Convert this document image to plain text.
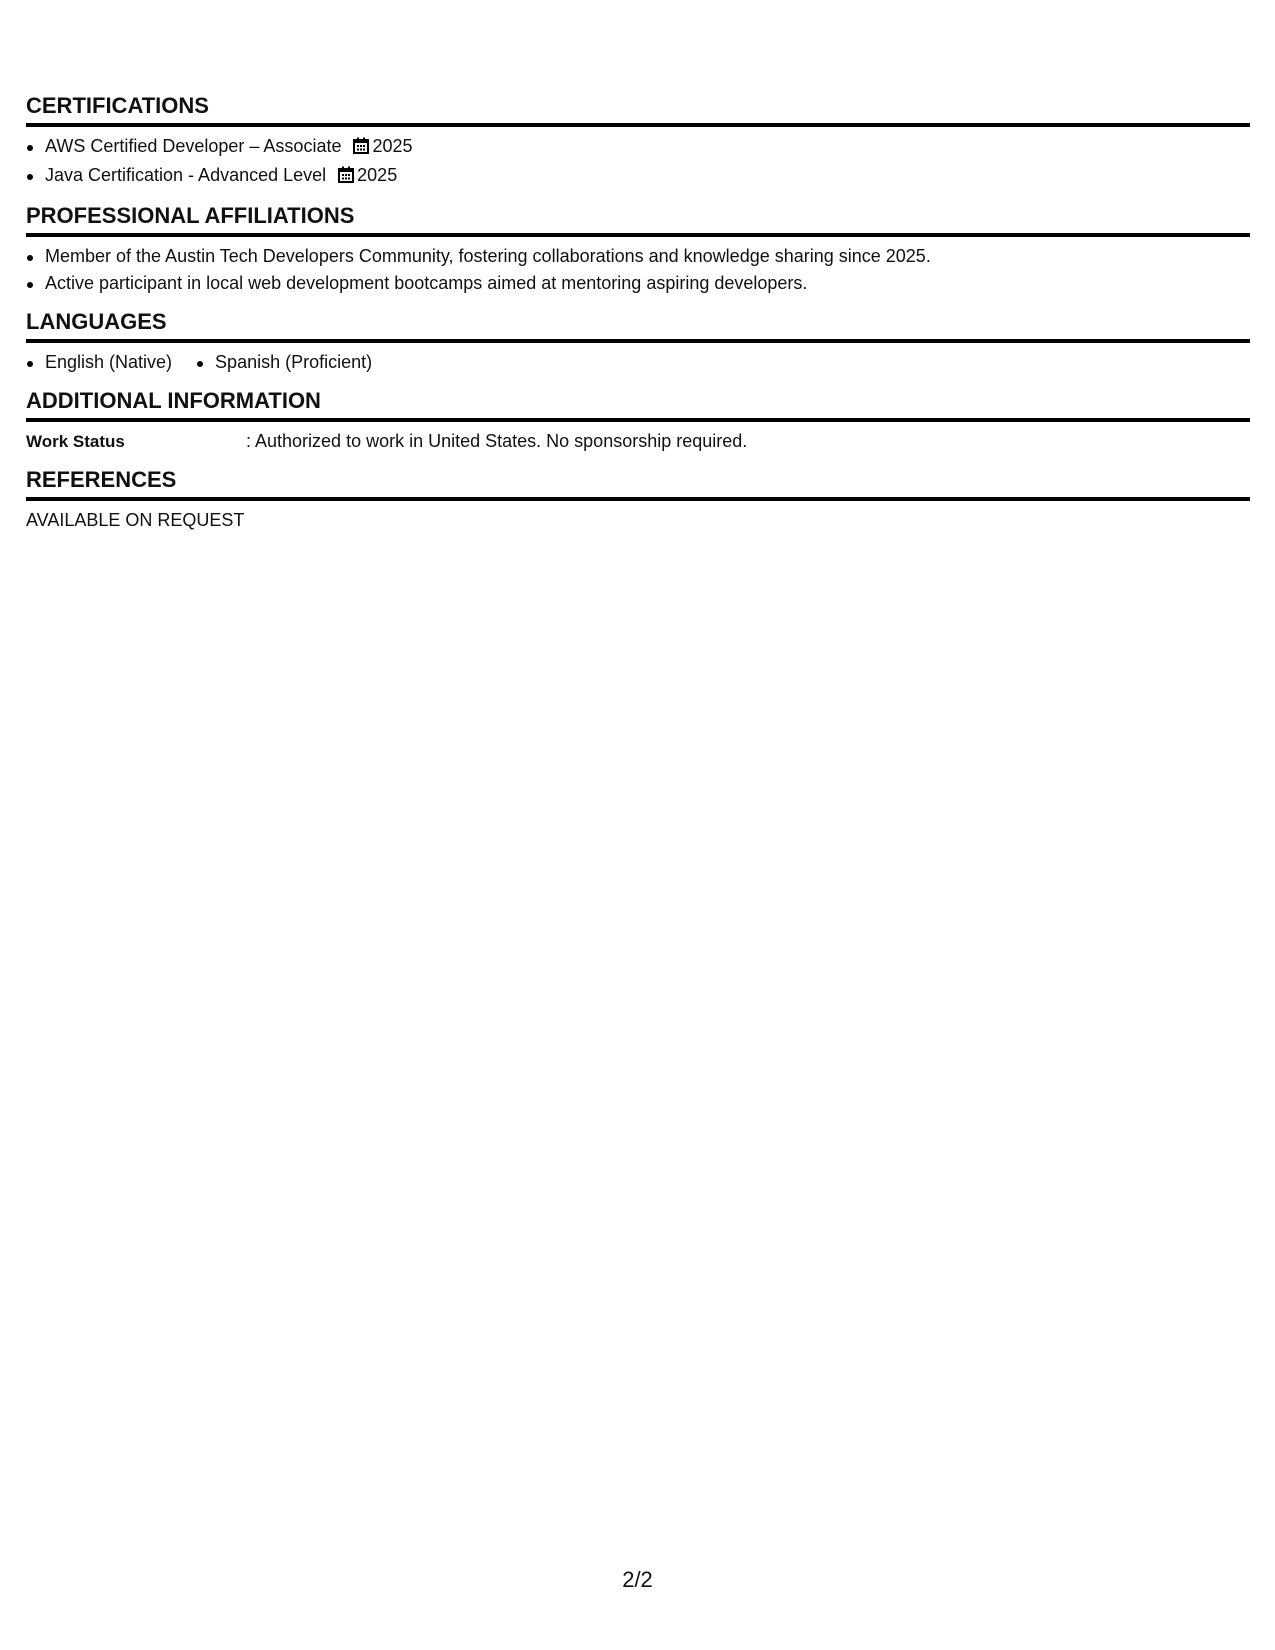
CERTIFICATIONS
AWS Certified Developer – Associate 2025
Java Certification - Advanced Level 2025
PROFESSIONAL AFFILIATIONS
Member of the Austin Tech Developers Community, fostering collaborations and knowledge sharing since 2025.
Active participant in local web development bootcamps aimed at mentoring aspiring developers.
LANGUAGES
English (Native)	Spanish (Proficient)
ADDITIONAL INFORMATION
Work Status	: Authorized to work in United States. No sponsorship required.
REFERENCES
AVAILABLE ON REQUEST
2/2
